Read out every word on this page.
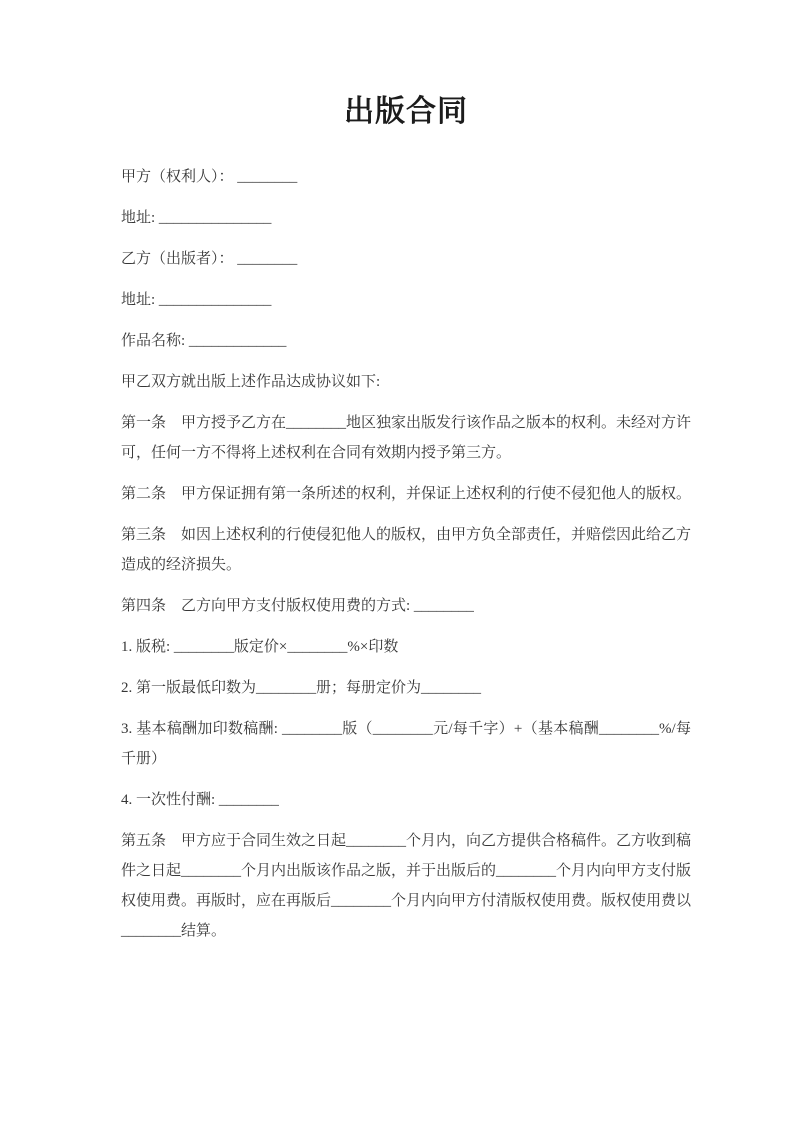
出版合同

甲方（权利人）： ________

地址: _______________

乙方（出版者）： ________

地址: _______________

作品名称: _____________

甲乙双方就出版上述作品达成协议如下:

第一条　甲方授予乙方在________地区独家出版发行该作品之版本的权利。未经对方许可，任何一方不得将上述权利在合同有效期内授予第三方。

第二条　甲方保证拥有第一条所述的权利，并保证上述权利的行使不侵犯他人的版权。

第三条　如因上述权利的行使侵犯他人的版权，由甲方负全部责任，并赔偿因此给乙方造成的经济损失。

第四条　乙方向甲方支付版权使用费的方式: ________

1. 版税: ________版定价×________%×印数

2. 第一版最低印数为________册；每册定价为________

3. 基本稿酬加印数稿酬: ________版（________元/每千字）+（基本稿酬________%/每千册）

4. 一次性付酬: ________

第五条　甲方应于合同生效之日起________个月内，向乙方提供合格稿件。乙方收到稿件之日起________个月内出版该作品之版，并于出版后的________个月内向甲方支付版权使用费。再版时，应在再版后________个月内向甲方付清版权使用费。版权使用费以________结算。
